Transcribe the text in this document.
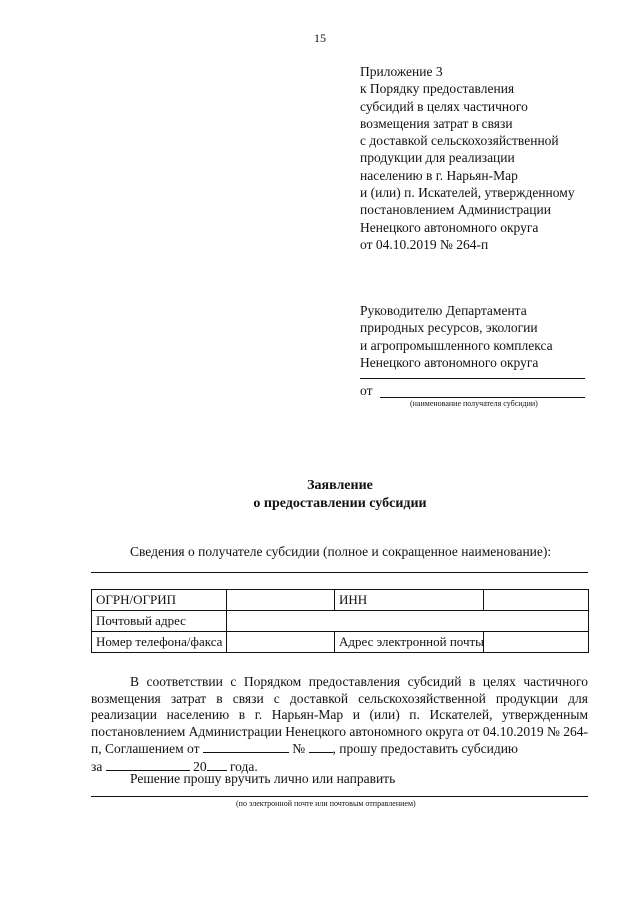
15
Приложение 3
к Порядку предоставления
субсидий в целях частичного
возмещения затрат в связи
с доставкой сельскохозяйственной
продукции для реализации
населению в г. Нарьян-Мар
и (или) п. Искателей, утвержденному
постановлением Администрации
Ненецкого автономного округа
от 04.10.2019 № 264-п
Руководителю Департамента
природных ресурсов, экологии
и агропромышленного комплекса
Ненецкого автономного округа
от
(наименование получателя субсидии)
Заявление
о предоставлении субсидии
Сведения о получателе субсидии (полное и сокращенное наименование):
ОГРН/ОГРИП		ИНН	
Почтовый адрес			
Номер телефона/факса		Адрес электронной почты	

В соответствии с Порядком предоставления субсидий в целях частичного возмещения затрат в связи с доставкой сельскохозяйственной продукции для реализации населению в г. Нарьян-Мар и (или) п. Искателей, утвержденным постановлением Администрации Ненецкого автономного округа от 04.10.2019 № 264-п, Соглашением от	№ , прошу предоставить субсидию

за	20 года.

Решение прошу вручить лично или направить
(по электронной почте или почтовым отправлением)
